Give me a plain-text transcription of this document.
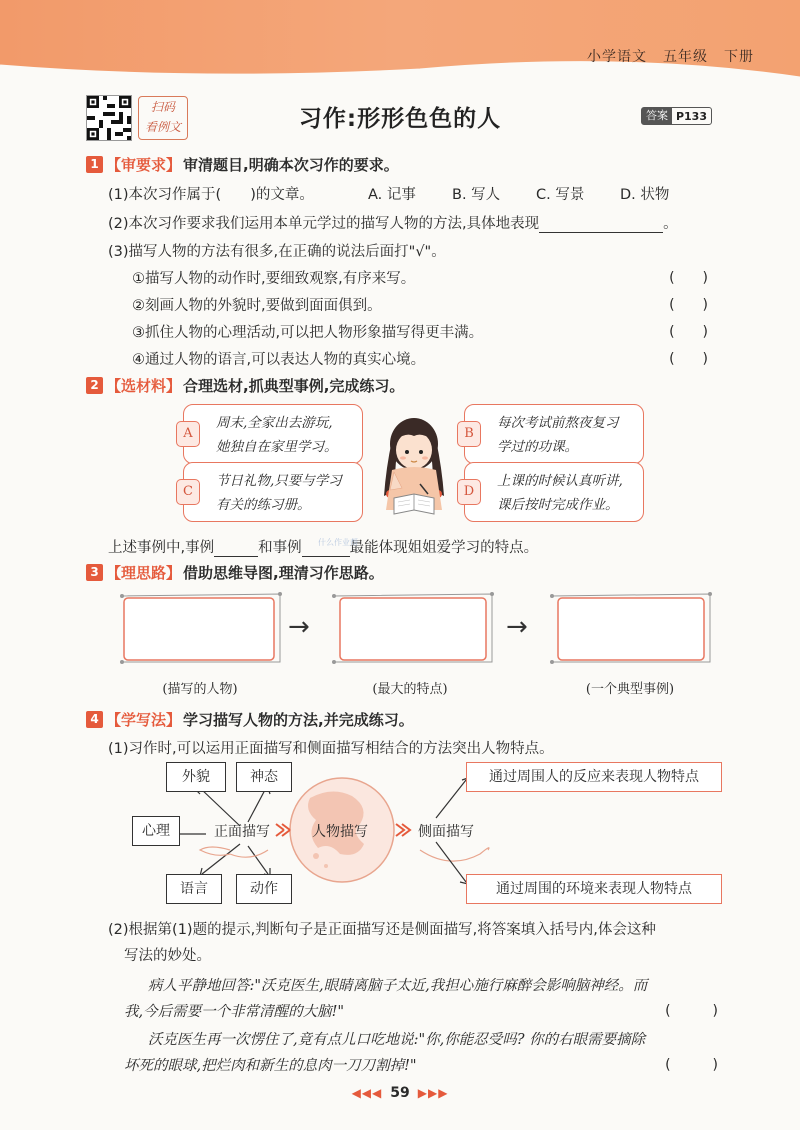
小学语文 五年级 下册
扫码
看例文	习作:形形色色的人	答案 P133
1 【审要求】 审清题目,明确本次习作的要求。
(1)本次习作属于(　　)的文章。	A. 记事 B. 写人 C. 写景 D. 状物
(2)本次习作要求我们运用本单元学过的描写人物的方法,具体地表现	。
(3)描写人物的方法有很多,在正确的说法后面打"√"。
①描写人物的动作时,要细致观察,有序来写。	(　　)
②刻画人物的外貌时,要做到面面俱到。	(　　)
③抓住人物的心理活动,可以把人物形象描写得更丰满。	(　　)
④通过人物的语言,可以表达人物的真实心境。	(　　)
2 【选材料】 合理选材,抓典型事例,完成练习。
A
周末,全家出去游玩,
她独自在家里学习。
B
每次考试前熬夜复习
学过的功课。
C
节日礼物,只要与学习
有关的练习册。
D
上课的时候认真听讲,
课后按时完成作业。
上述事例中,事例	和事例	最能体现姐姐爱学习的特点。
什么作业帮
3 【理思路】 借助思维导图,理清习作思路。
→	→
(描写的人物)	(最大的特点)	(一个典型事例)
4 【学写法】 学习描写人物的方法,并完成练习。
(1)习作时,可以运用正面描写和侧面描写相结合的方法突出人物特点。
外貌	神态
心理
语言	动作
正面描写	人物描写	侧面描写
通过周围人的反应来表现人物特点
通过周围的环境来表现人物特点
(2)根据第(1)题的提示,判断句子是正面描写还是侧面描写,将答案填入括号内,体会这种
写法的妙处。
病人平静地回答:"沃克医生,眼睛离脑子太近,我担心施行麻醉会影响脑神经。而
我,今后需要一个非常清醒的大脑!"	(　　　)
沃克医生再一次愣住了,竟有点儿口吃地说:"你,你能忍受吗? 你的右眼需要摘除
坏死的眼球,把烂肉和新生的息肉一刀刀割掉!"	(　　　)
◀◀◀ 59 ▶▶▶
